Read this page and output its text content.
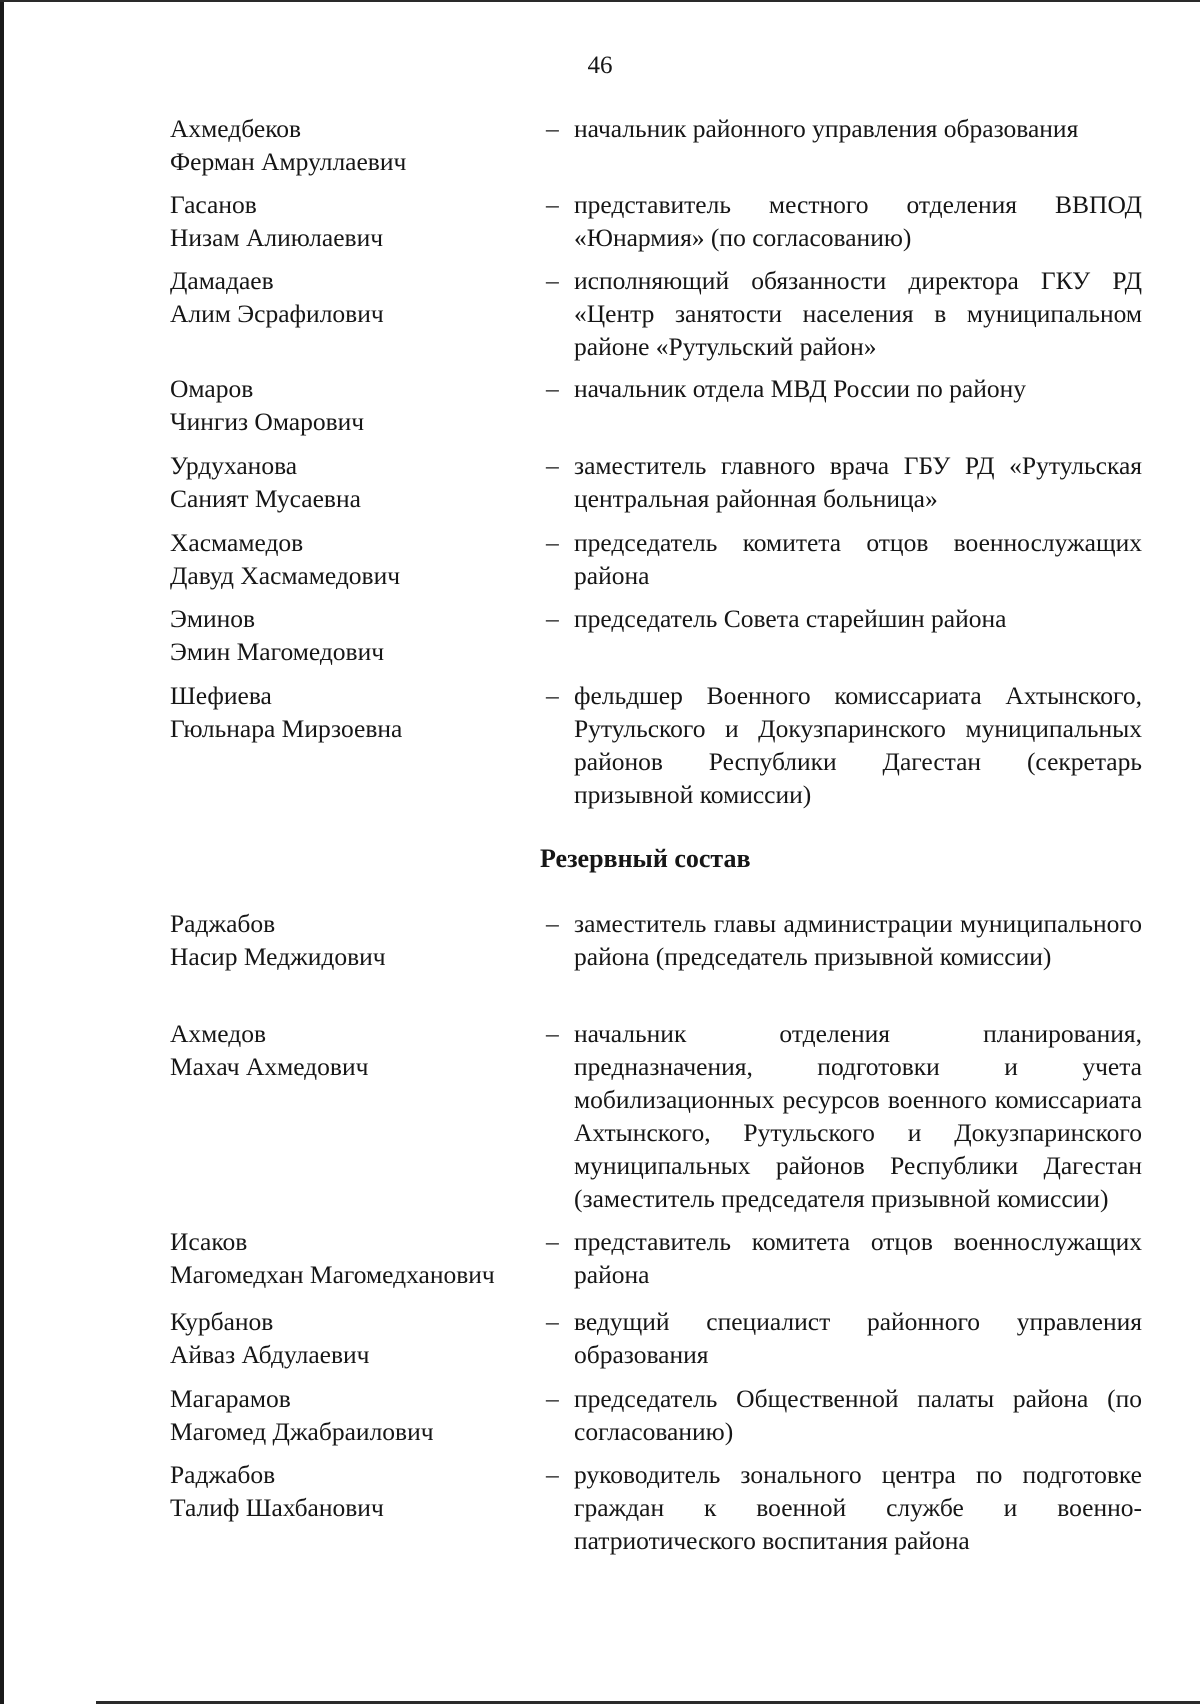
46
Ахмедбеков
Ферман Амруллаевич
– начальник районного управления образования
Гасанов
Низам Алиюлаевич
– представитель местного отделения ВВПОД «Юнармия» (по согласованию)
Дамадаев
Алим Эсрафилович
– исполняющий обязанности директора ГКУ РД «Центр занятости населения в муниципальном районе «Рутульский район»
Омаров
Чингиз Омарович
– начальник отдела МВД России по району
Урдуханова
Саният Мусаевна
– заместитель главного врача ГБУ РД «Рутульская центральная районная больница»
Хасмамедов
Давуд Хасмамедович
– председатель комитета отцов военнослужащих района
Эминов
Эмин Магомедович
– председатель Совета старейшин района
Шефиева
Гюльнара Мирзоевна
– фельдшер Военного комиссариата Ахтынского, Рутульского и Докузпаринского муниципальных районов Республики Дагестан (секретарь призывной комиссии)
Резервный состав
Раджабов
Насир Меджидович
– заместитель главы администрации муниципального района (председатель призывной комиссии)
Ахмедов
Махач Ахмедович
– начальник отделения планирования, предназначения, подготовки и учета мобилизационных ресурсов военного комиссариата Ахтынского, Рутульского и Докузпаринского муниципальных районов Республики Дагестан (заместитель председателя призывной комиссии)
Исаков
Магомедхан Магомедханович
– представитель комитета отцов военнослужащих района
Курбанов
Айваз Абдулаевич
– ведущий специалист районного управления образования
Магарамов
Магомед Джабраилович
– председатель Общественной палаты района (по согласованию)
Раджабов
Талиф Шахбанович
– руководитель зонального центра по подготовке граждан к военной службе и военно-патриотического воспитания района
